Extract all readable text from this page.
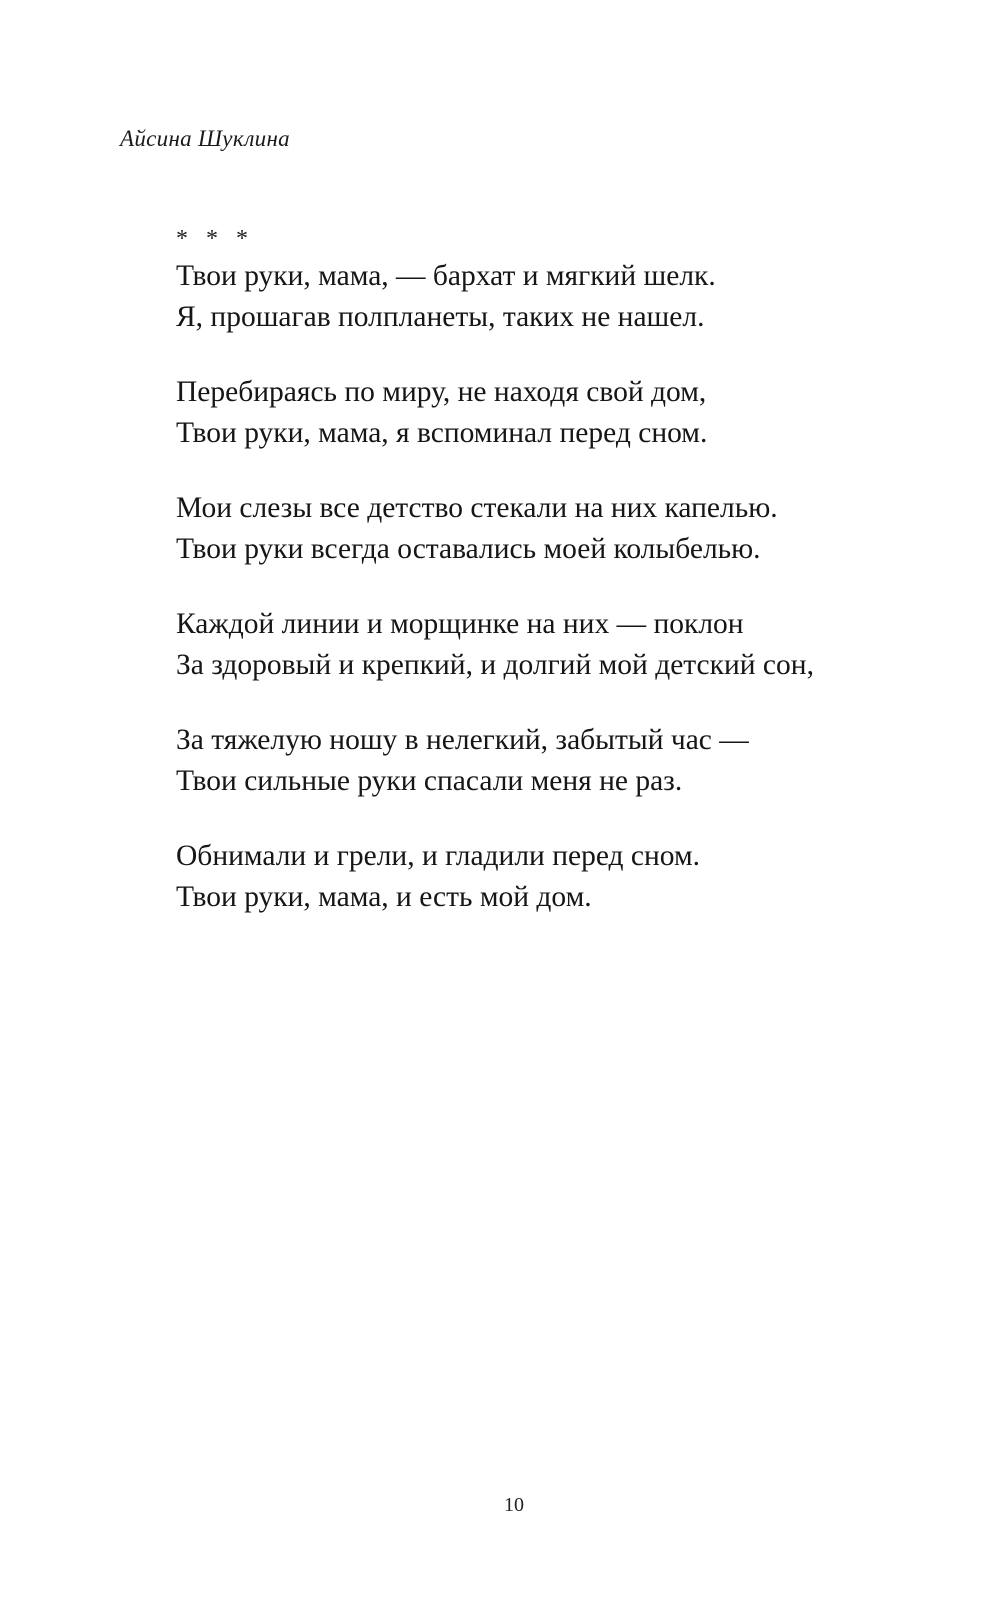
Айсина Шуклина
* * *
Твои руки, мама, — бархат и мягкий шелк.
Я, прошагав полпланеты, таких не нашел.
Перебираясь по миру, не находя свой дом,
Твои руки, мама, я вспоминал перед сном.
Мои слезы все детство стекали на них капелью.
Твои руки всегда оставались моей колыбелью.
Каждой линии и морщинке на них — поклон
За здоровый и крепкий, и долгий мой детский сон,
За тяжелую ношу в нелегкий, забытый час —
Твои сильные руки спасали меня не раз.
Обнимали и грели, и гладили перед сном.
Твои руки, мама, и есть мой дом.
10
